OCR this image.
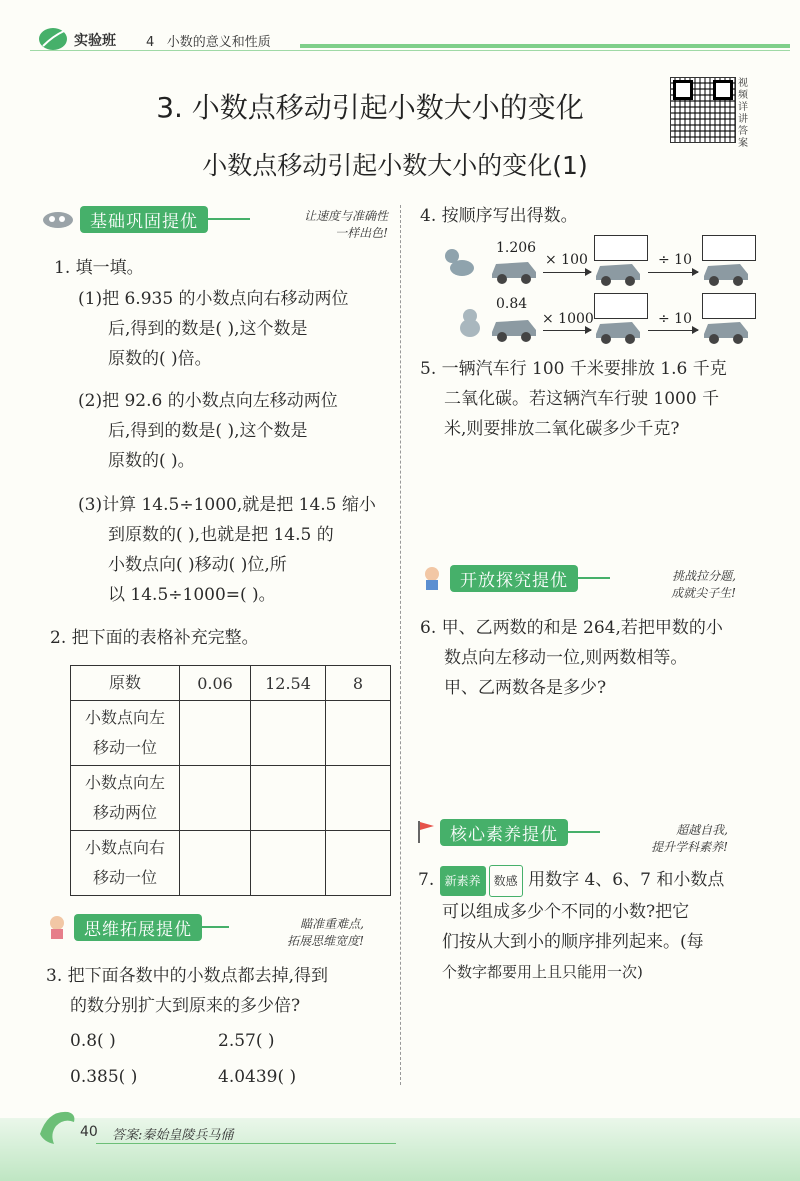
实验班 4 小数的意义和性质
3. 小数点移动引起小数大小的变化
小数点移动引起小数大小的变化(1)
视频详讲答案
基础巩固提优	让速度与准确性
一样出色!
1. 填一填。
(1)把 6.935 的小数点向右移动两位
后,得到的数是( ),这个数是
原数的( )倍。
(2)把 92.6 的小数点向左移动两位
后,得到的数是( ),这个数是
原数的( )。
(3)计算 14.5÷1000,就是把 14.5 缩小
到原数的( ),也就是把 14.5 的
小数点向( )移动( )位,所
以 14.5÷1000=( )。
2. 把下面的表格补充完整。
原数	0.06	12.54	8

小数点向左
移动一位			

小数点向左
移动两位			

小数点向右
移动一位			

思维拓展提优	瞄准重难点,
拓展思维宽度!
3. 把下面各数中的小数点都去掉,得到
的数分别扩大到原来的多少倍?
0.8( )	2.57( )
0.385( )	4.0439( )
4. 按顺序写出得数。
1.206
× 100	÷ 10
0.84
× 1000	÷ 10
5. 一辆汽车行 100 千米要排放 1.6 千克
二氧化碳。若这辆汽车行驶 1000 千
米,则要排放二氧化碳多少千克?
开放探究提优	挑战拉分题,
成就尖子生!
6. 甲、乙两数的和是 264,若把甲数的小
数点向左移动一位,则两数相等。
甲、乙两数各是多少?
核心素养提优	超越自我,
提升学科素养!
7. 新素养 数感 用数字 4、6、7 和小数点
可以组成多少个不同的小数?把它
们按从大到小的顺序排列起来。(每
个数字都要用上且只能用一次)
40 答案:秦始皇陵兵马俑
